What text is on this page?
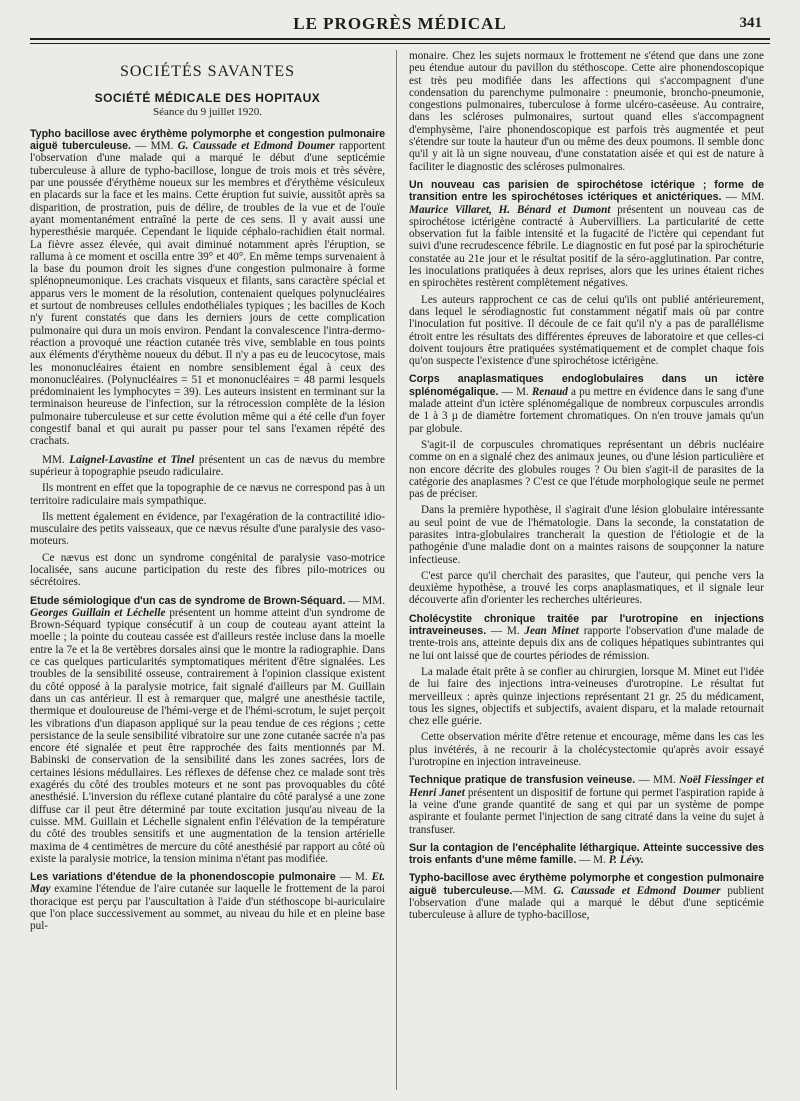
LE PROGRÈS MÉDICAL	341
SOCIÉTÉS SAVANTES
SOCIÉTÉ MÉDICALE DES HOPITAUX
Séance du 9 juillet 1920.

Typho bacillose avec érythème polymorphe et congestion pulmonaire aiguë tuberculeuse. — MM. G. Caussade et Edmond Doumer rapportent l'observation d'une malade qui a marqué le début d'une septicémie tuberculeuse à allure de typho-bacillose, longue de trois mois et très sévère, par une poussée d'érythème noueux sur les membres et d'érythème vésiculeux en placards sur la face et les mains. Cette éruption fut suivie, aussitôt après sa disparition, de prostration, puis de délire, de troubles de la vue et de l'ouïe ayant momentanément entraîné la perte de ces sens. Il y avait aussi une hyperesthésie marquée. Cependant le liquide céphalo-rachidien était normal. La fièvre assez élevée, qui avait diminué notamment après l'éruption, se ralluma à ce moment et oscilla entre 39° et 40°. En même temps survenaient à la base du poumon droit les signes d'une congestion pulmonaire à forme splénopneumonique. Les crachats visqueux et filants, sans caractère spécial et apparus vers le moment de la résolution, contenaient quelques polynucléaires et surtout de nombreuses cellules endothéliales typiques ; les bacilles de Koch n'y furent constatés que dans les derniers jours de cette complication pulmonaire qui dura un mois environ. Pendant la convalescence l'intra-dermo-réaction a provoqué une réaction cutanée très vive, semblable en tous points aux éléments d'érythème noueux du début. Il n'y a pas eu de leucocytose, mais les mononucléaires étaient en nombre sensiblement égal à ceux des mononucléaires. (Polynucléaires = 51 et mononucléaires = 48 parmi lesquels prédominaient les lymphocytes = 39). Les auteurs insistent en terminant sur la terminaison heureuse de l'infection, sur la rétrocession complète de la lésion pulmonaire tuberculeuse et sur cette évolution même qui a été celle d'un foyer congestif banal et qui aurait pu passer pour tel sans l'examen répété des crachats.

MM. Laignel-Lavastine et Tinel présentent un cas de nævus du membre supérieur à topographie pseudo radiculaire.

Ils montrent en effet que la topographie de ce nævus ne correspond pas à un territoire radiculaire mais sympathique.

Ils mettent également en évidence, par l'exagération de la contractilité idio-musculaire des petits vaisseaux, que ce nævus résulte d'une paralysie des vaso-moteurs.

Ce nævus est donc un syndrome congénital de paralysie vaso-motrice localisée, sans aucune participation du reste des fibres pilo-motrices ou sécrétoires.

Etude sémiologique d'un cas de syndrome de Brown-Séquard. — MM. Georges Guillain et Léchelle présentent un homme atteint d'un syndrome de Brown-Séquard typique consécutif à un coup de couteau ayant atteint la moelle ; la pointe du couteau cassée est d'ailleurs restée incluse dans la moelle entre la 7e et la 8e vertèbres dorsales ainsi que le montre la radiographie. Dans ce cas quelques particularités symptomatiques méritent d'être signalées. Les troubles de la sensibilité osseuse, contrairement à l'opinion classique existent du côté opposé à la paralysie motrice, fait signalé d'ailleurs par M. Guillain dans un cas antérieur. Il est à remarquer que, malgré une anesthésie tactile, thermique et douloureuse de l'hémi-verge et de l'hémi-scrotum, le sujet perçoit les vibrations d'un diapason appliqué sur la peau tendue de ces régions ; cette persistance de la seule sensibilité vibratoire sur une zone cutanée sacrée n'a pas encore été signalée et peut être rapprochée des faits mentionnés par M. Babinski de conservation de la sensibilité dans les zones sacrées, lors de certaines lésions médullaires. Les réflexes de défense chez ce malade sont très exagérés du côté des troubles moteurs et ne sont pas provoquables du côté anesthésié. L'inversion du réflexe cutané plantaire du côté paralysé a une zone diffuse car il peut être déterminé par toute excitation jusqu'au niveau de la cuisse. MM. Guillain et Léchelle signalent enfin l'élévation de la température du côté des troubles sensitifs et une augmentation de la tension artérielle maxima de 4 centimètres de mercure du côté anesthésié par rapport au côté où existe la paralysie motrice, la tension minima n'étant pas modifiée.

Les variations d'étendue de la phonendoscopie pulmonaire — M. Et. May examine l'étendue de l'aire cutanée sur laquelle le frottement de la paroi thoracique est perçu par l'auscultation à l'aide d'un stéthoscope bi-auriculaire que l'on place successivement au sommet, au niveau du hile et en pleine base pul-

monaire. Chez les sujets normaux le frottement ne s'étend que dans une zone peu étendue autour du pavillon du stéthoscope. Cette aire phonendoscopique est très peu modifiée dans les affections qui s'accompagnent d'une condensation du parenchyme pulmonaire : pneumonie, broncho-pneumonie, congestions pulmonaires, tuberculose à forme ulcéro-caséeuse. Au contraire, dans les scléroses pulmonaires, surtout quand elles s'accompagnent d'emphysème, l'aire phonendoscopique est parfois très augmentée et peut s'étendre sur toute la hauteur d'un ou même des deux poumons. Il semble donc qu'il y ait là un signe nouveau, d'une constatation aisée et qui est de nature à faciliter le diagnostic des scléroses pulmonaires.

Un nouveau cas parisien de spirochétose ictérique ; forme de transition entre les spirochétoses ictériques et anictériques. — MM. Maurice Villaret, H. Bénard et Dumont présentent un nouveau cas de spirochétose ictérigène contracté à Aubervilliers. La particularité de cette observation fut la faible intensité et la fugacité de l'ictère qui cependant fut suivi d'une recrudescence fébrile. Le diagnostic en fut posé par la spirochéturie constatée au 21e jour et le résultat positif de la séro-agglutination. Par contre, les inoculations pratiquées à deux reprises, alors que les urines étaient riches en spirochètes restèrent complètement négatives.

Les auteurs rapprochent ce cas de celui qu'ils ont publié antérieurement, dans lequel le sérodiagnostic fut constamment négatif mais où par contre l'inoculation fut positive. Il découle de ce fait qu'il n'y a pas de parallélisme étroit entre les résultats des différentes épreuves de laboratoire et que celles-ci doivent toujours être pratiquées systématiquement et de complet chaque fois qu'on suspecte l'existence d'une spirochétose ictérigène.

Corps anaplasmatiques endoglobulaires dans un ictère splénomégalique. — M. Renaud a pu mettre en évidence dans le sang d'une malade atteint d'un ictère splénomégalique de nombreux corpuscules arrondis de 1 à 3 µ de diamètre fortement chromatiques. On n'en trouve jamais qu'un par globule.

S'agit-il de corpuscules chromatiques représentant un débris nucléaire comme on en a signalé chez des animaux jeunes, ou d'une lésion particulière et non encore décrite des globules rouges ? Ou bien s'agit-il de parasites de la catégorie des anaplasmes ? C'est ce que l'étude morphologique seule ne permet pas de préciser.

Dans la première hypothèse, il s'agirait d'une lésion globulaire intéressante au seul point de vue de l'hématologie. Dans la seconde, la constatation de parasites intra-globulaires trancherait la question de l'étiologie et de la pathogénie d'une maladie dont on a maintes raisons de soupçonner la nature infectieuse.

C'est parce qu'il cherchait des parasites, que l'auteur, qui penche vers la deuxième hypothèse, a trouvé les corps anaplasmatiques, et il signale leur découverte afin d'orienter les recherches ultérieures.

Cholécystite chronique traitée par l'urotropine en injections intraveineuses. — M. Jean Minet rapporte l'observation d'une malade de trente-trois ans, atteinte depuis dix ans de coliques hépatiques subintrantes qui ne lui ont laissé que de courtes périodes de rémission.

La malade était prête à se confier au chirurgien, lorsque M. Minet eut l'idée de lui faire des injections intra-veineuses d'urotropine. Le résultat fut merveilleux : après quinze injections représentant 21 gr. 25 du médicament, tous les signes, objectifs et subjectifs, avaient disparu, et la malade retournait chez elle guérie.

Cette observation mérite d'être retenue et encourage, même dans les cas les plus invétérés, à ne recourir à la cholécystectomie qu'après avoir essayé l'urotropine en injection intraveineuse.

Technique pratique de transfusion veineuse. — MM. Noël Fiessinger et Henri Janet présentent un dispositif de fortune qui permet l'aspiration rapide à la veine d'une grande quantité de sang et qui par un système de pompe aspirante et foulante permet l'injection de sang citraté dans la veine du sujet à transfuser.

Sur la contagion de l'encéphalite léthargique. Atteinte successive des trois enfants d'une même famille. — M. P. Lévy.

Typho-bacillose avec érythème polymorphe et congestion pulmonaire aiguë tuberculeuse.—MM. G. Caussade et Edmond Doumer publient l'observation d'une malade qui a marqué le début d'une septicémie tuberculeuse à allure de typho-bacillose,
